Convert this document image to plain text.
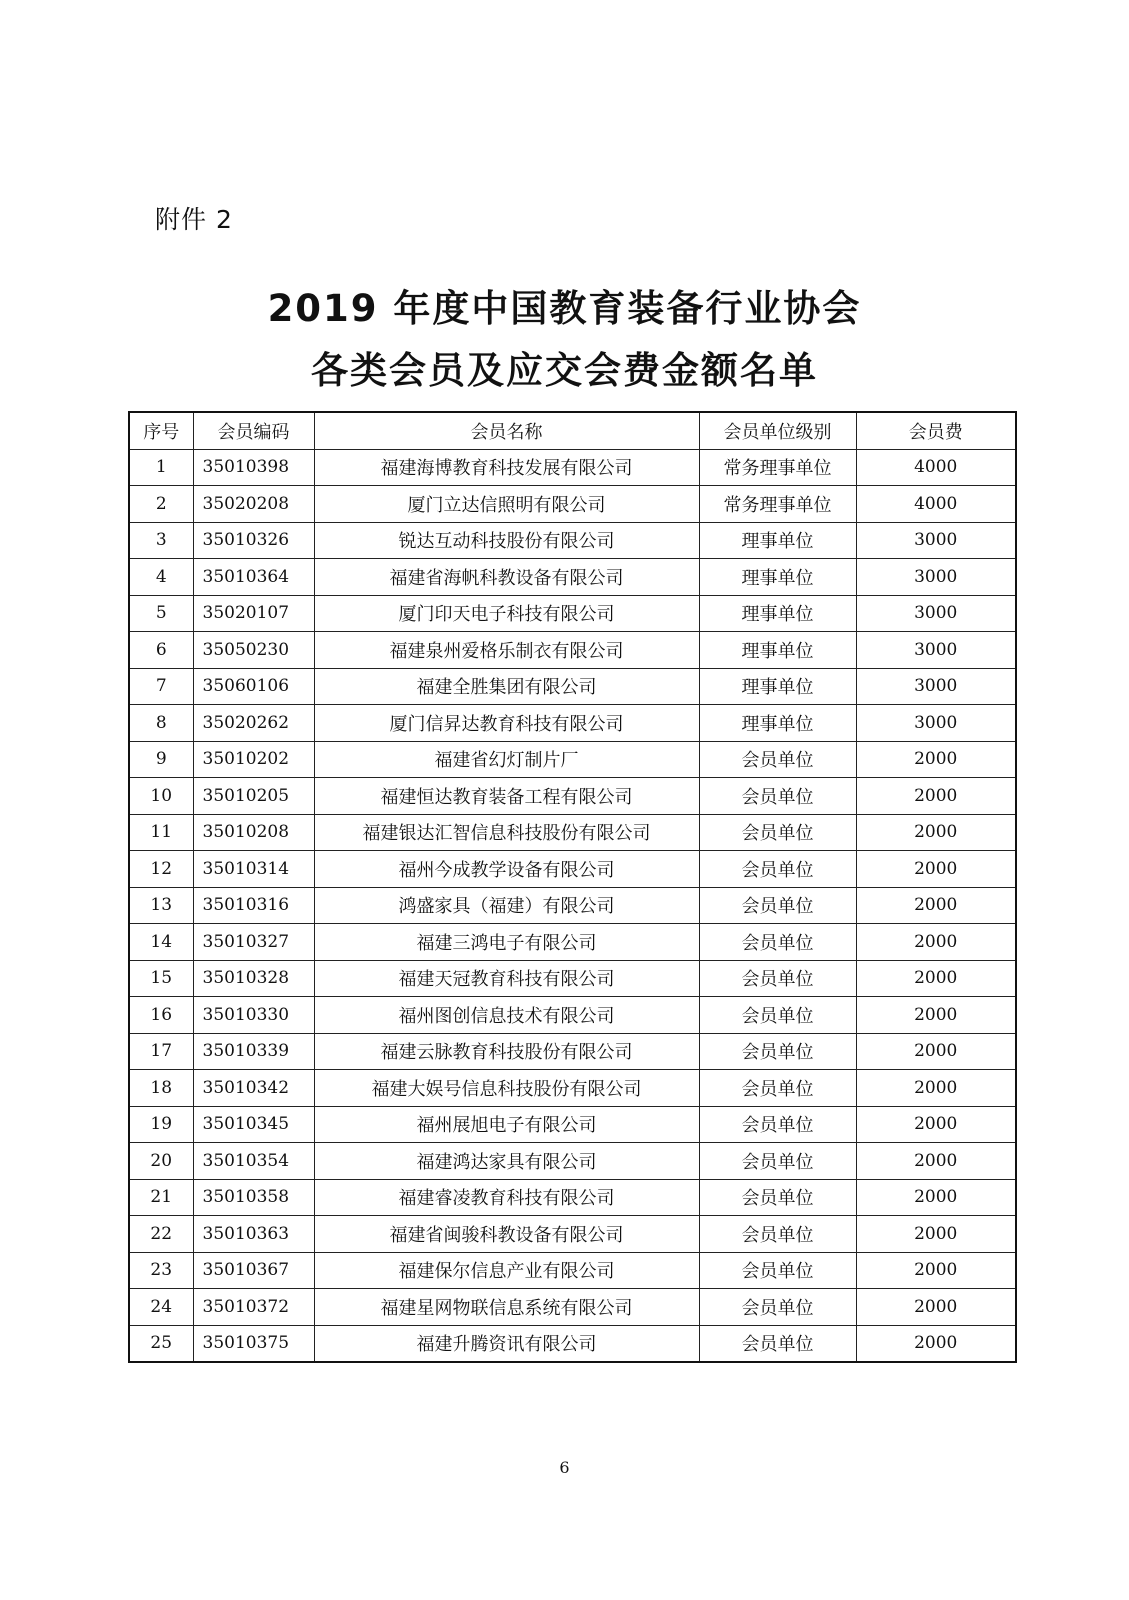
附件 2
2019 年度中国教育装备行业协会
各类会员及应交会费金额名单
序号	会员编码	会员名称	会员单位级别	会员费
1	35010398	福建海博教育科技发展有限公司	常务理事单位	4000
2	35020208	厦门立达信照明有限公司	常务理事单位	4000
3	35010326	锐达互动科技股份有限公司	理事单位	3000
4	35010364	福建省海帆科教设备有限公司	理事单位	3000
5	35020107	厦门印天电子科技有限公司	理事单位	3000
6	35050230	福建泉州爱格乐制衣有限公司	理事单位	3000
7	35060106	福建全胜集团有限公司	理事单位	3000
8	35020262	厦门信昇达教育科技有限公司	理事单位	3000
9	35010202	福建省幻灯制片厂	会员单位	2000
10	35010205	福建恒达教育装备工程有限公司	会员单位	2000
11	35010208	福建银达汇智信息科技股份有限公司	会员单位	2000
12	35010314	福州今成教学设备有限公司	会员单位	2000
13	35010316	鸿盛家具（福建）有限公司	会员单位	2000
14	35010327	福建三鸿电子有限公司	会员单位	2000
15	35010328	福建天冠教育科技有限公司	会员单位	2000
16	35010330	福州图创信息技术有限公司	会员单位	2000
17	35010339	福建云脉教育科技股份有限公司	会员单位	2000
18	35010342	福建大娱号信息科技股份有限公司	会员单位	2000
19	35010345	福州展旭电子有限公司	会员单位	2000
20	35010354	福建鸿达家具有限公司	会员单位	2000
21	35010358	福建睿凌教育科技有限公司	会员单位	2000
22	35010363	福建省闽骏科教设备有限公司	会员单位	2000
23	35010367	福建保尔信息产业有限公司	会员单位	2000
24	35010372	福建星网物联信息系统有限公司	会员单位	2000
25	35010375	福建升腾资讯有限公司	会员单位	2000
6
